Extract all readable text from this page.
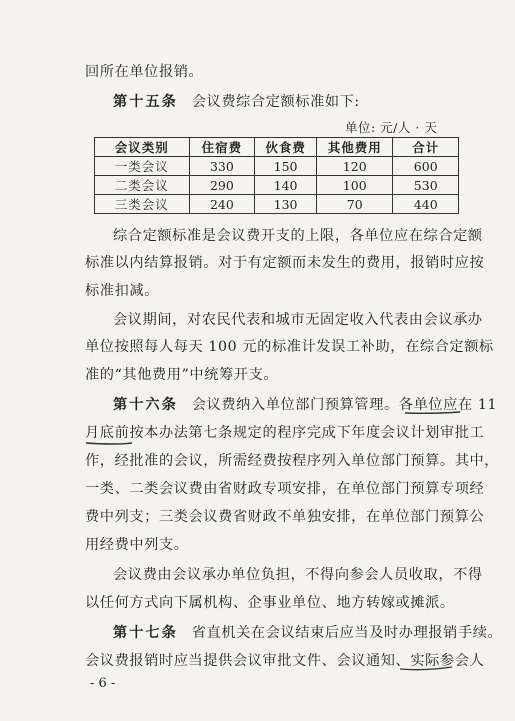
回所在单位报销。
第十五条 会议费综合定额标准如下:
单位: 元/人 · 天
会议类别	住宿费	伙食费	其他费用	合计
一类会议	330	150	120	600
二类会议	290	140	100	530
三类会议	240	130	70	440
综合定额标准是会议费开支的上限，各单位应在综合定额
标准以内结算报销。对于有定额而未发生的费用，报销时应按
标准扣减。
会议期间，对农民代表和城市无固定收入代表由会议承办
单位按照每人每天 100 元的标准计发误工补助，在综合定额标
准的“其他费用”中统筹开支。
第十六条 会议费纳入单位部门预算管理。各单位应在 11
月底前按本办法第七条规定的程序完成下年度会议计划审批工
作，经批准的会议，所需经费按程序列入单位部门预算。其中，
一类、二类会议费由省财政专项安排，在单位部门预算专项经
费中列支；三类会议费省财政不单独安排，在单位部门预算公
用经费中列支。
会议费由会议承办单位负担，不得向参会人员收取，不得
以任何方式向下属机构、企事业单位、地方转嫁或摊派。
第十七条 省直机关在会议结束后应当及时办理报销手续。
会议费报销时应当提供会议审批文件、会议通知、实际参会人
- 6 -
